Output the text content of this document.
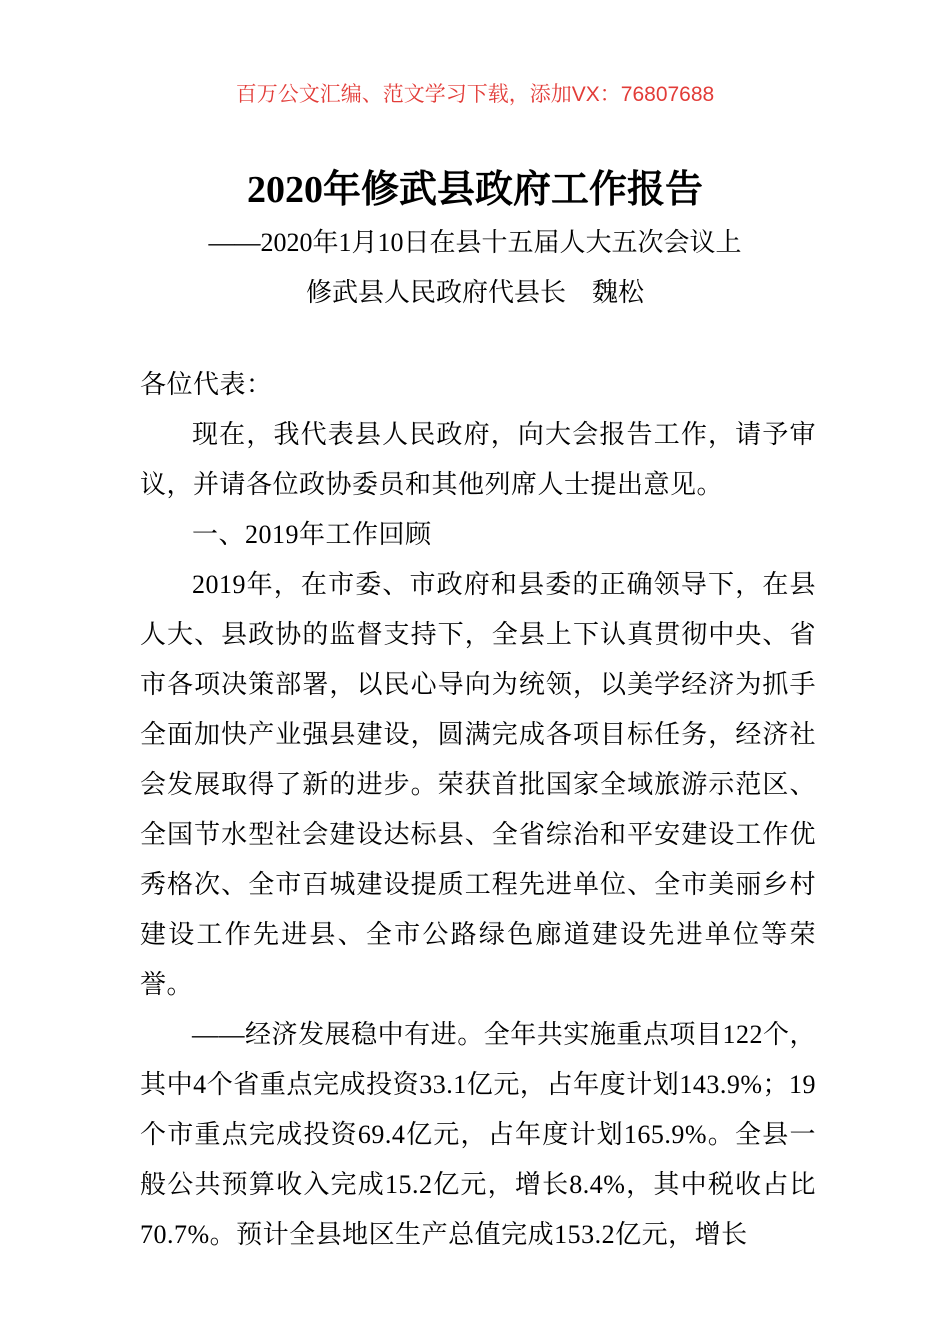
百万公文汇编、范文学习下载，添加VX：76807688
2020年修武县政府工作报告
——2020年1月10日在县十五届人大五次会议上
修武县人民政府代县长　魏松

各位代表：

现在，我代表县人民政府，向大会报告工作，请予审议，并请各位政协委员和其他列席人士提出意见。

一、2019年工作回顾

2019年，在市委、市政府和县委的正确领导下，在县人大、县政协的监督支持下，全县上下认真贯彻中央、省市各项决策部署，以民心导向为统领，以美学经济为抓手全面加快产业强县建设，圆满完成各项目标任务，经济社会发展取得了新的进步。荣获首批国家全域旅游示范区、全国节水型社会建设达标县、全省综治和平安建设工作优秀格次、全市百城建设提质工程先进单位、全市美丽乡村建设工作先进县、全市公路绿色廊道建设先进单位等荣誉。

——经济发展稳中有进。全年共实施重点项目122个，其中4个省重点完成投资33.1亿元，占年度计划143.9%；19个市重点完成投资69.4亿元，占年度计划165.9%。全县一般公共预算收入完成15.2亿元，增长8.4%，其中税收占比70.7%。预计全县地区生产总值完成153.2亿元，增长
